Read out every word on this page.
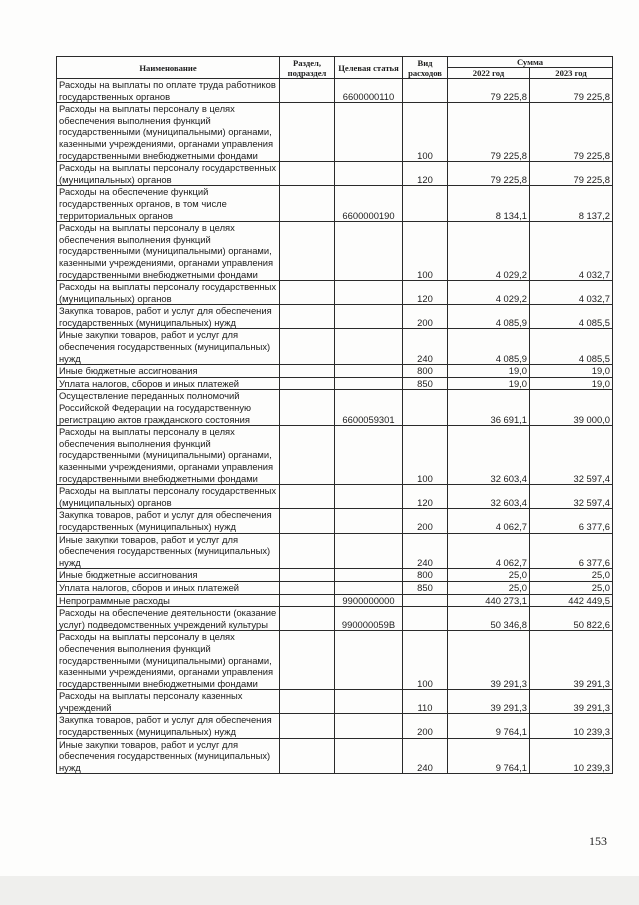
Наименование	Раздел, подраздел	Целевая статья	Вид расходов	Сумма	
				2022 год	2023 год
Расходы на выплаты по оплате труда работников государственных органов		6600000110		79 225,8	79 225,8
Расходы на выплаты персоналу в целях обеспечения выполнения функций государственными (муниципальными) органами, казенными учреждениями, органами управления государственными внебюджетными фондами			100	79 225,8	79 225,8
Расходы на выплаты персоналу государственных (муниципальных) органов			120	79 225,8	79 225,8
Расходы на обеспечение функций государственных органов, в том числе территориальных органов		6600000190		8 134,1	8 137,2
Расходы на выплаты персоналу в целях обеспечения выполнения функций государственными (муниципальными) органами, казенными учреждениями, органами управления государственными внебюджетными фондами			100	4 029,2	4 032,7
Расходы на выплаты персоналу государственных (муниципальных) органов			120	4 029,2	4 032,7
Закупка товаров, работ и услуг для обеспечения государственных (муниципальных) нужд			200	4 085,9	4 085,5
Иные закупки товаров, работ и услуг для обеспечения государственных (муниципальных) нужд			240	4 085,9	4 085,5
Иные бюджетные ассигнования			800	19,0	19,0
Уплата налогов, сборов и иных платежей			850	19,0	19,0
Осуществление переданных полномочий Российской Федерации на государственную регистрацию актов гражданского состояния		6600059301		36 691,1	39 000,0
Расходы на выплаты персоналу в целях обеспечения выполнения функций государственными (муниципальными) органами, казенными учреждениями, органами управления государственными внебюджетными фондами			100	32 603,4	32 597,4
Расходы на выплаты персоналу государственных (муниципальных) органов			120	32 603,4	32 597,4
Закупка товаров, работ и услуг для обеспечения государственных (муниципальных) нужд			200	4 062,7	6 377,6
Иные закупки товаров, работ и услуг для обеспечения государственных (муниципальных) нужд			240	4 062,7	6 377,6
Иные бюджетные ассигнования			800	25,0	25,0
Уплата налогов, сборов и иных платежей			850	25,0	25,0
Непрограммные расходы		9900000000		440 273,1	442 449,5
Расходы на обеспечение деятельности (оказание услуг) подведомственных учреждений культуры		990000059В		50 346,8	50 822,6
Расходы на выплаты персоналу в целях обеспечения выполнения функций государственными (муниципальными) органами, казенными учреждениями, органами управления государственными внебюджетными фондами			100	39 291,3	39 291,3
Расходы на выплаты персоналу казенных учреждений			110	39 291,3	39 291,3
Закупка товаров, работ и услуг для обеспечения государственных (муниципальных) нужд			200	9 764,1	10 239,3
Иные закупки товаров, работ и услуг для обеспечения государственных (муниципальных) нужд			240	9 764,1	10 239,3
153
